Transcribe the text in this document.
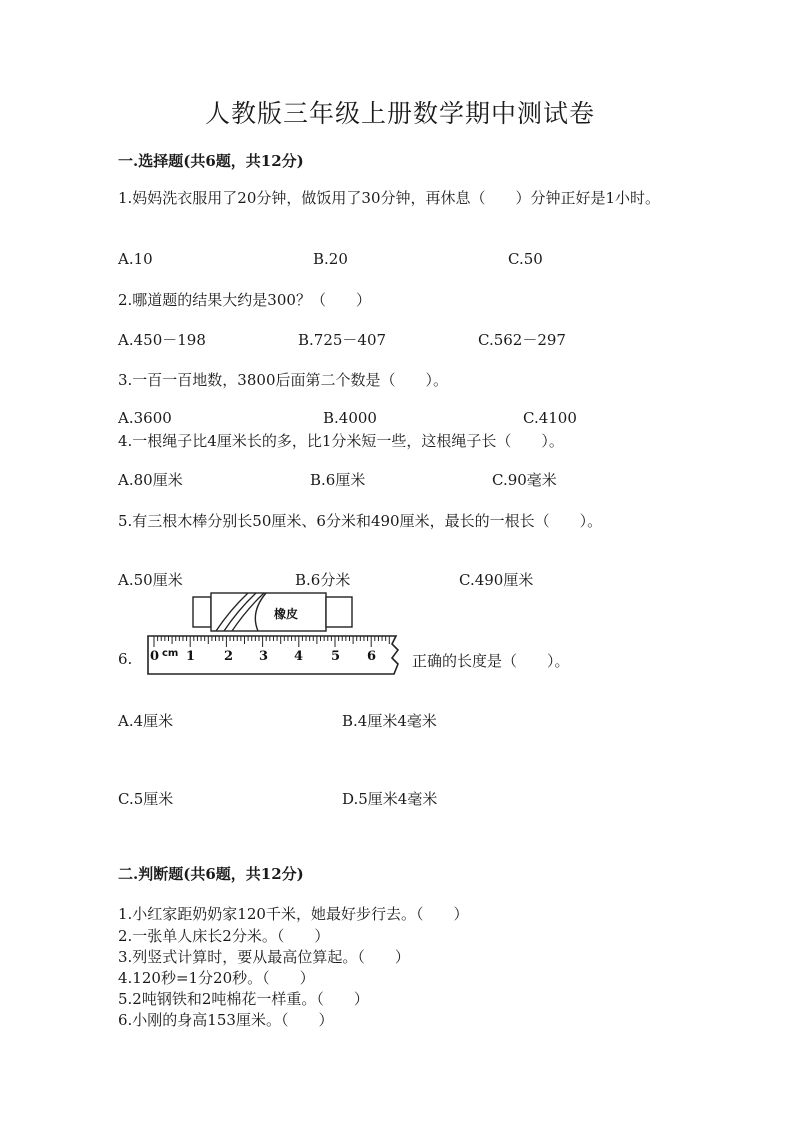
人教版三年级上册数学期中测试卷
一.选择题(共6题，共12分)
1.妈妈洗衣服用了20分钟，做饭用了30分钟，再休息（　　）分钟正好是1小时。
A.10	B.20	C.50
2.哪道题的结果大约是300？（　　）
A.450－198	B.725－407	C.562－297
3.一百一百地数，3800后面第二个数是（　　）。
A.3600	B.4000	C.4100
4.一根绳子比4厘米长的多，比1分米短一些，这根绳子长（　　）。
A.80厘米	B.6厘米	C.90毫米
5.有三根木棒分别长50厘米、6分米和490厘米，最长的一根长（　　）。
A.50厘米	B.6分米	C.490厘米
6.
橡皮
0 cm 1 2 3 4 5 6 正确的长度是（　　）。
A.4厘米	B.4厘米4毫米
C.5厘米	D.5厘米4毫米
二.判断题(共6题，共12分)
1.小红家距奶奶家120千米，她最好步行去。（　　）
2.一张单人床长2分米。（　　）
3.列竖式计算时，要从最高位算起。（　　）
4.120秒=1分20秒。（　　）
5.2吨钢铁和2吨棉花一样重。（　　）
6.小刚的身高153厘米。（　　）
